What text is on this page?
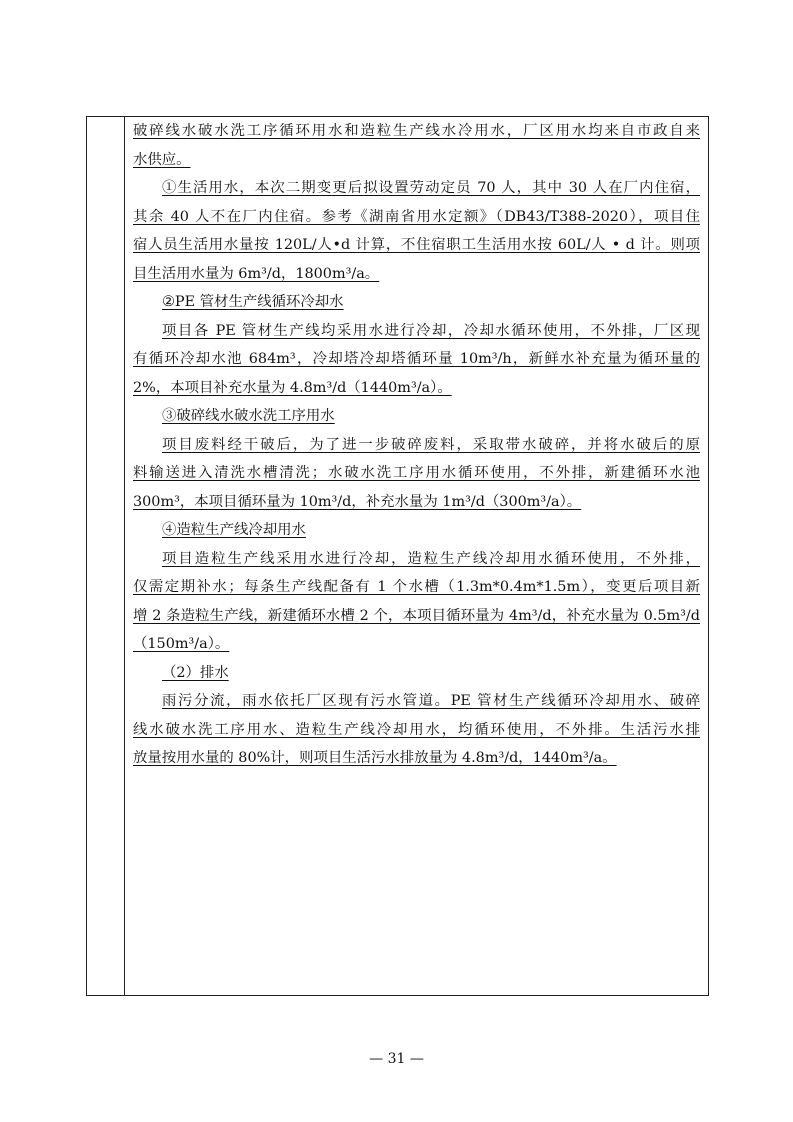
破碎线水破水洗工序循环用水和造粒生产线水冷用水，厂区用水均来自市政自来
水供应。
①生活用水，本次二期变更后拟设置劳动定员 70 人，其中 30 人在厂内住宿，
其余 40 人不在厂内住宿。参考《湖南省用水定额》（DB43/T388-2020），项目住
宿人员生活用水量按 120L/人•d 计算，不住宿职工生活用水按 60L/人 • d 计。则项
目生活用水量为 6m³/d，1800m³/a。
②PE 管材生产线循环冷却水
项目各 PE 管材生产线均采用水进行冷却，冷却水循环使用，不外排，厂区现
有循环冷却水池 684m³，冷却塔冷却塔循环量 10m³/h，新鲜水补充量为循环量的
2%，本项目补充水量为 4.8m³/d（1440m³/a）。
③破碎线水破水洗工序用水
项目废料经干破后，为了进一步破碎废料，采取带水破碎，并将水破后的原
料输送进入清洗水槽清洗；水破水洗工序用水循环使用，不外排，新建循环水池
300m³，本项目循环量为 10m³/d，补充水量为 1m³/d（300m³/a）。
④造粒生产线冷却用水
项目造粒生产线采用水进行冷却，造粒生产线冷却用水循环使用，不外排，
仅需定期补水；每条生产线配备有 1 个水槽（1.3m*0.4m*1.5m），变更后项目新
增 2 条造粒生产线，新建循环水槽 2 个，本项目循环量为 4m³/d，补充水量为 0.5m³/d
（150m³/a）。
（2）排水
雨污分流，雨水依托厂区现有污水管道。PE 管材生产线循环冷却用水、破碎
线水破水洗工序用水、造粒生产线冷却用水，均循环使用，不外排。生活污水排
放量按用水量的 80%计，则项目生活污水排放量为 4.8m³/d，1440m³/a。
— 31 —
